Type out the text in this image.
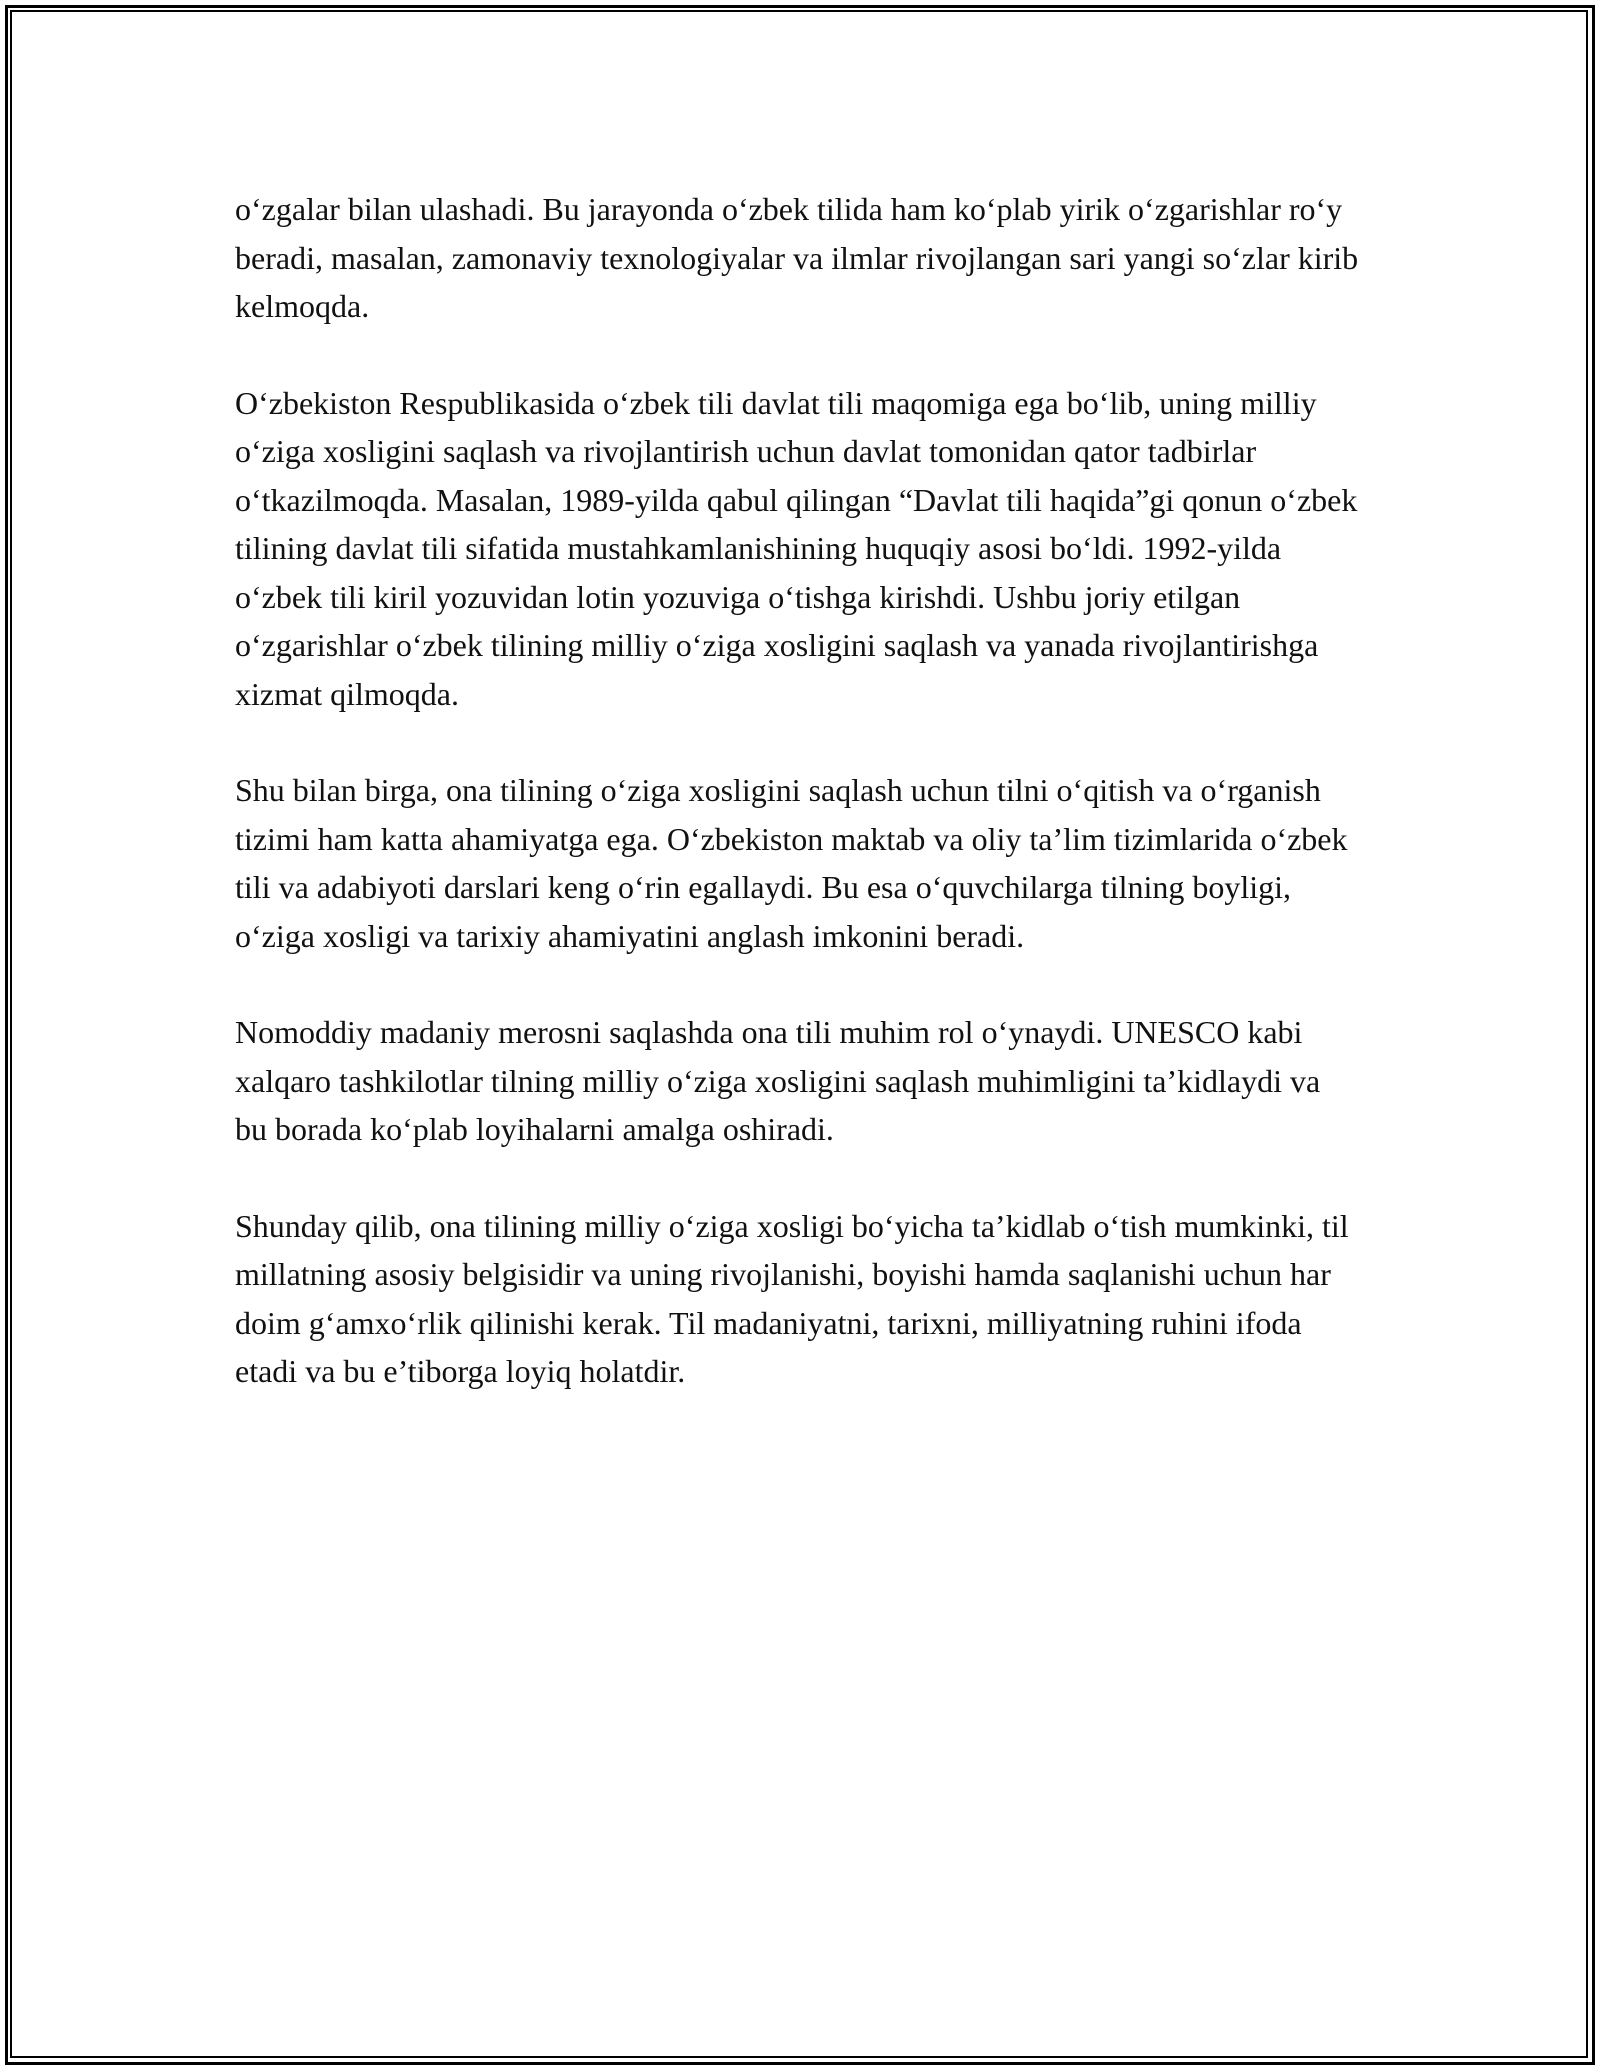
o‘zgalar bilan ulashadi. Bu jarayonda o‘zbek tilida ham ko‘plab yirik o‘zgarishlar ro‘y beradi, masalan, zamonaviy texnologiyalar va ilmlar rivojlangan sari yangi so‘zlar kirib kelmoqda.

O‘zbekiston Respublikasida o‘zbek tili davlat tili maqomiga ega bo‘lib, uning milliy o‘ziga xosligini saqlash va rivojlantirish uchun davlat tomonidan qator tadbirlar o‘tkazilmoqda. Masalan, 1989-yilda qabul qilingan “Davlat tili haqida”gi qonun o‘zbek tilining davlat tili sifatida mustahkamlanishining huquqiy asosi bo‘ldi. 1992-yilda o‘zbek tili kiril yozuvidan lotin yozuviga o‘tishga kirishdi. Ushbu joriy etilgan o‘zgarishlar o‘zbek tilining milliy o‘ziga xosligini saqlash va yanada rivojlantirishga xizmat qilmoqda.

Shu bilan birga, ona tilining o‘ziga xosligini saqlash uchun tilni o‘qitish va o‘rganish tizimi ham katta ahamiyatga ega. O‘zbekiston maktab va oliy ta’lim tizimlarida o‘zbek tili va adabiyoti darslari keng o‘rin egallaydi. Bu esa o‘quvchilarga tilning boyligi, o‘ziga xosligi va tarixiy ahamiyatini anglash imkonini beradi.

Nomoddiy madaniy merosni saqlashda ona tili muhim rol o‘ynaydi. UNESCO kabi xalqaro tashkilotlar tilning milliy o‘ziga xosligini saqlash muhimligini ta’kidlaydi va bu borada ko‘plab loyihalarni amalga oshiradi.

Shunday qilib, ona tilining milliy o‘ziga xosligi bo‘yicha ta’kidlab o‘tish mumkinki, til millatning asosiy belgisidir va uning rivojlanishi, boyishi hamda saqlanishi uchun har doim g‘amxo‘rlik qilinishi kerak. Til madaniyatni, tarixni, milliyatning ruhini ifoda etadi va bu e’tiborga loyiq holatdir.
